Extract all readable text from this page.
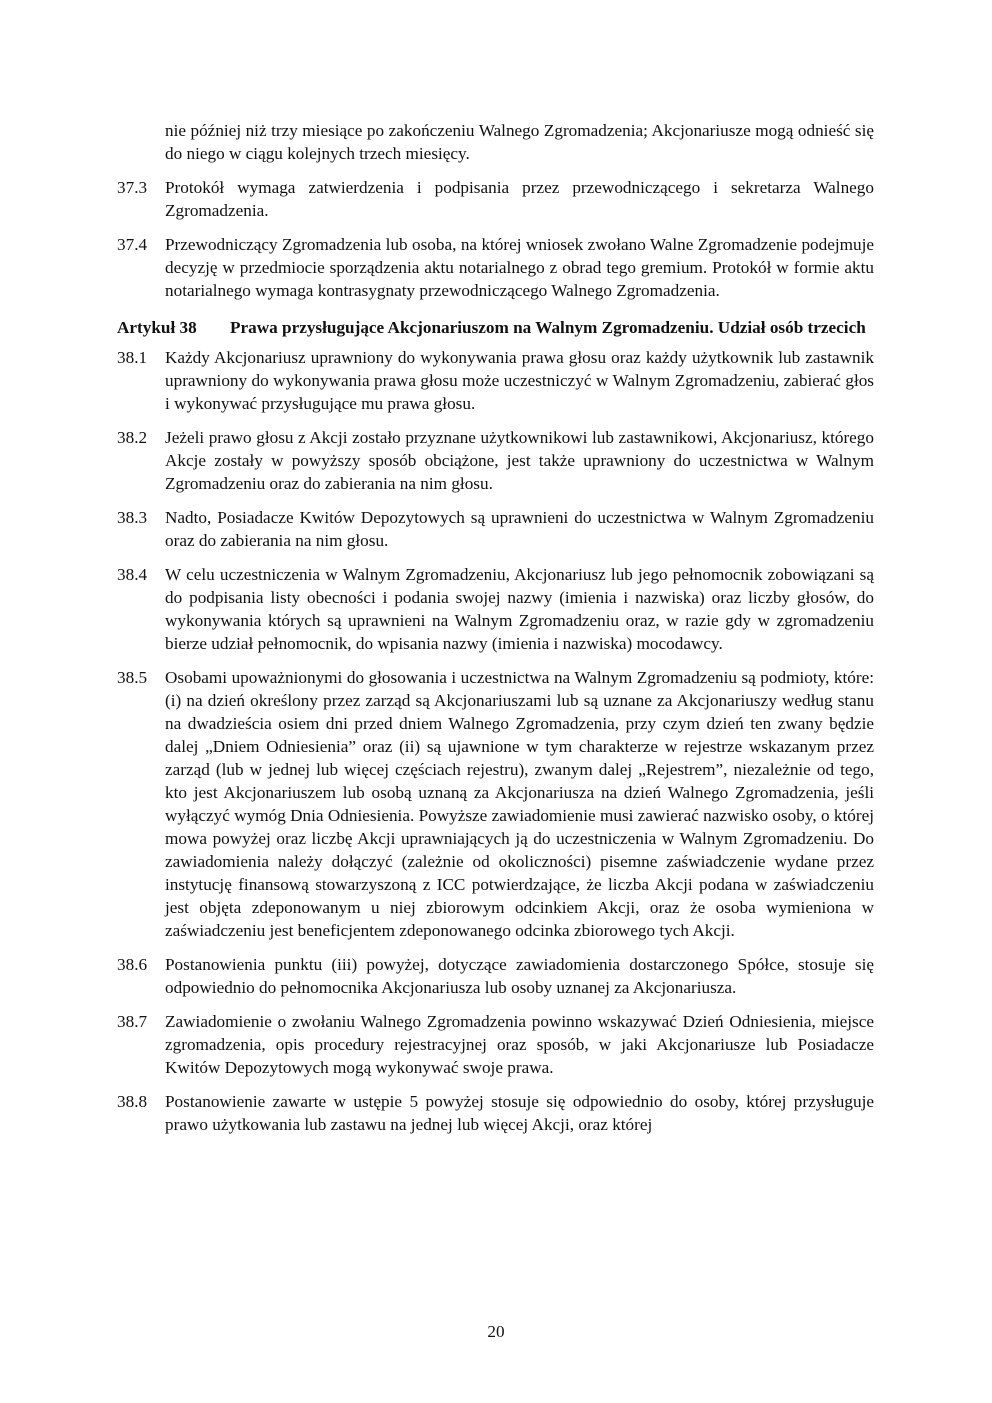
nie później niż trzy miesiące po zakończeniu Walnego Zgromadzenia; Akcjonariusze mogą odnieść się do niego w ciągu kolejnych trzech miesięcy.
37.3 Protokół wymaga zatwierdzenia i podpisania przez przewodniczącego i sekretarza Walnego Zgromadzenia.
37.4 Przewodniczący Zgromadzenia lub osoba, na której wniosek zwołano Walne Zgromadzenie podejmuje decyzję w przedmiocie sporządzenia aktu notarialnego z obrad tego gremium. Protokół w formie aktu notarialnego wymaga kontrasygnaty przewodniczącego Walnego Zgromadzenia.
Artykuł 38 Prawa przysługujące Akcjonariuszom na Walnym Zgromadzeniu. Udział osób trzecich
38.1 Każdy Akcjonariusz uprawniony do wykonywania prawa głosu oraz każdy użytkownik lub zastawnik uprawniony do wykonywania prawa głosu może uczestniczyć w Walnym Zgromadzeniu, zabierać głos i wykonywać przysługujące mu prawa głosu.
38.2 Jeżeli prawo głosu z Akcji zostało przyznane użytkownikowi lub zastawnikowi, Akcjonariusz, którego Akcje zostały w powyższy sposób obciążone, jest także uprawniony do uczestnictwa w Walnym Zgromadzeniu oraz do zabierania na nim głosu.
38.3 Nadto, Posiadacze Kwitów Depozytowych są uprawnieni do uczestnictwa w Walnym Zgromadzeniu oraz do zabierania na nim głosu.
38.4 W celu uczestniczenia w Walnym Zgromadzeniu, Akcjonariusz lub jego pełnomocnik zobowiązani są do podpisania listy obecności i podania swojej nazwy (imienia i nazwiska) oraz liczby głosów, do wykonywania których są uprawnieni na Walnym Zgromadzeniu oraz, w razie gdy w zgromadzeniu bierze udział pełnomocnik, do wpisania nazwy (imienia i nazwiska) mocodawcy.
38.5 Osobami upoważnionymi do głosowania i uczestnictwa na Walnym Zgromadzeniu są podmioty, które: (i) na dzień określony przez zarząd są Akcjonariuszami lub są uznane za Akcjonariuszy według stanu na dwadzieścia osiem dni przed dniem Walnego Zgromadzenia, przy czym dzień ten zwany będzie dalej „Dniem Odniesienia” oraz (ii) są ujawnione w tym charakterze w rejestrze wskazanym przez zarząd (lub w jednej lub więcej częściach rejestru), zwanym dalej „Rejestrem”, niezależnie od tego, kto jest Akcjonariuszem lub osobą uznaną za Akcjonariusza na dzień Walnego Zgromadzenia, jeśli wyłączyć wymóg Dnia Odniesienia. Powyższe zawiadomienie musi zawierać nazwisko osoby, o której mowa powyżej oraz liczbę Akcji uprawniających ją do uczestniczenia w Walnym Zgromadzeniu. Do zawiadomienia należy dołączyć (zależnie od okoliczności) pisemne zaświadczenie wydane przez instytucję finansową stowarzyszoną z ICC potwierdzające, że liczba Akcji podana w zaświadczeniu jest objęta zdeponowanym u niej zbiorowym odcinkiem Akcji, oraz że osoba wymieniona w zaświadczeniu jest beneficjentem zdeponowanego odcinka zbiorowego tych Akcji.
38.6 Postanowienia punktu (iii) powyżej, dotyczące zawiadomienia dostarczonego Spółce, stosuje się odpowiednio do pełnomocnika Akcjonariusza lub osoby uznanej za Akcjonariusza.
38.7 Zawiadomienie o zwołaniu Walnego Zgromadzenia powinno wskazywać Dzień Odniesienia, miejsce zgromadzenia, opis procedury rejestracyjnej oraz sposób, w jaki Akcjonariusze lub Posiadacze Kwitów Depozytowych mogą wykonywać swoje prawa.
38.8 Postanowienie zawarte w ustępie 5 powyżej stosuje się odpowiednio do osoby, której przysługuje prawo użytkowania lub zastawu na jednej lub więcej Akcji, oraz której
20
